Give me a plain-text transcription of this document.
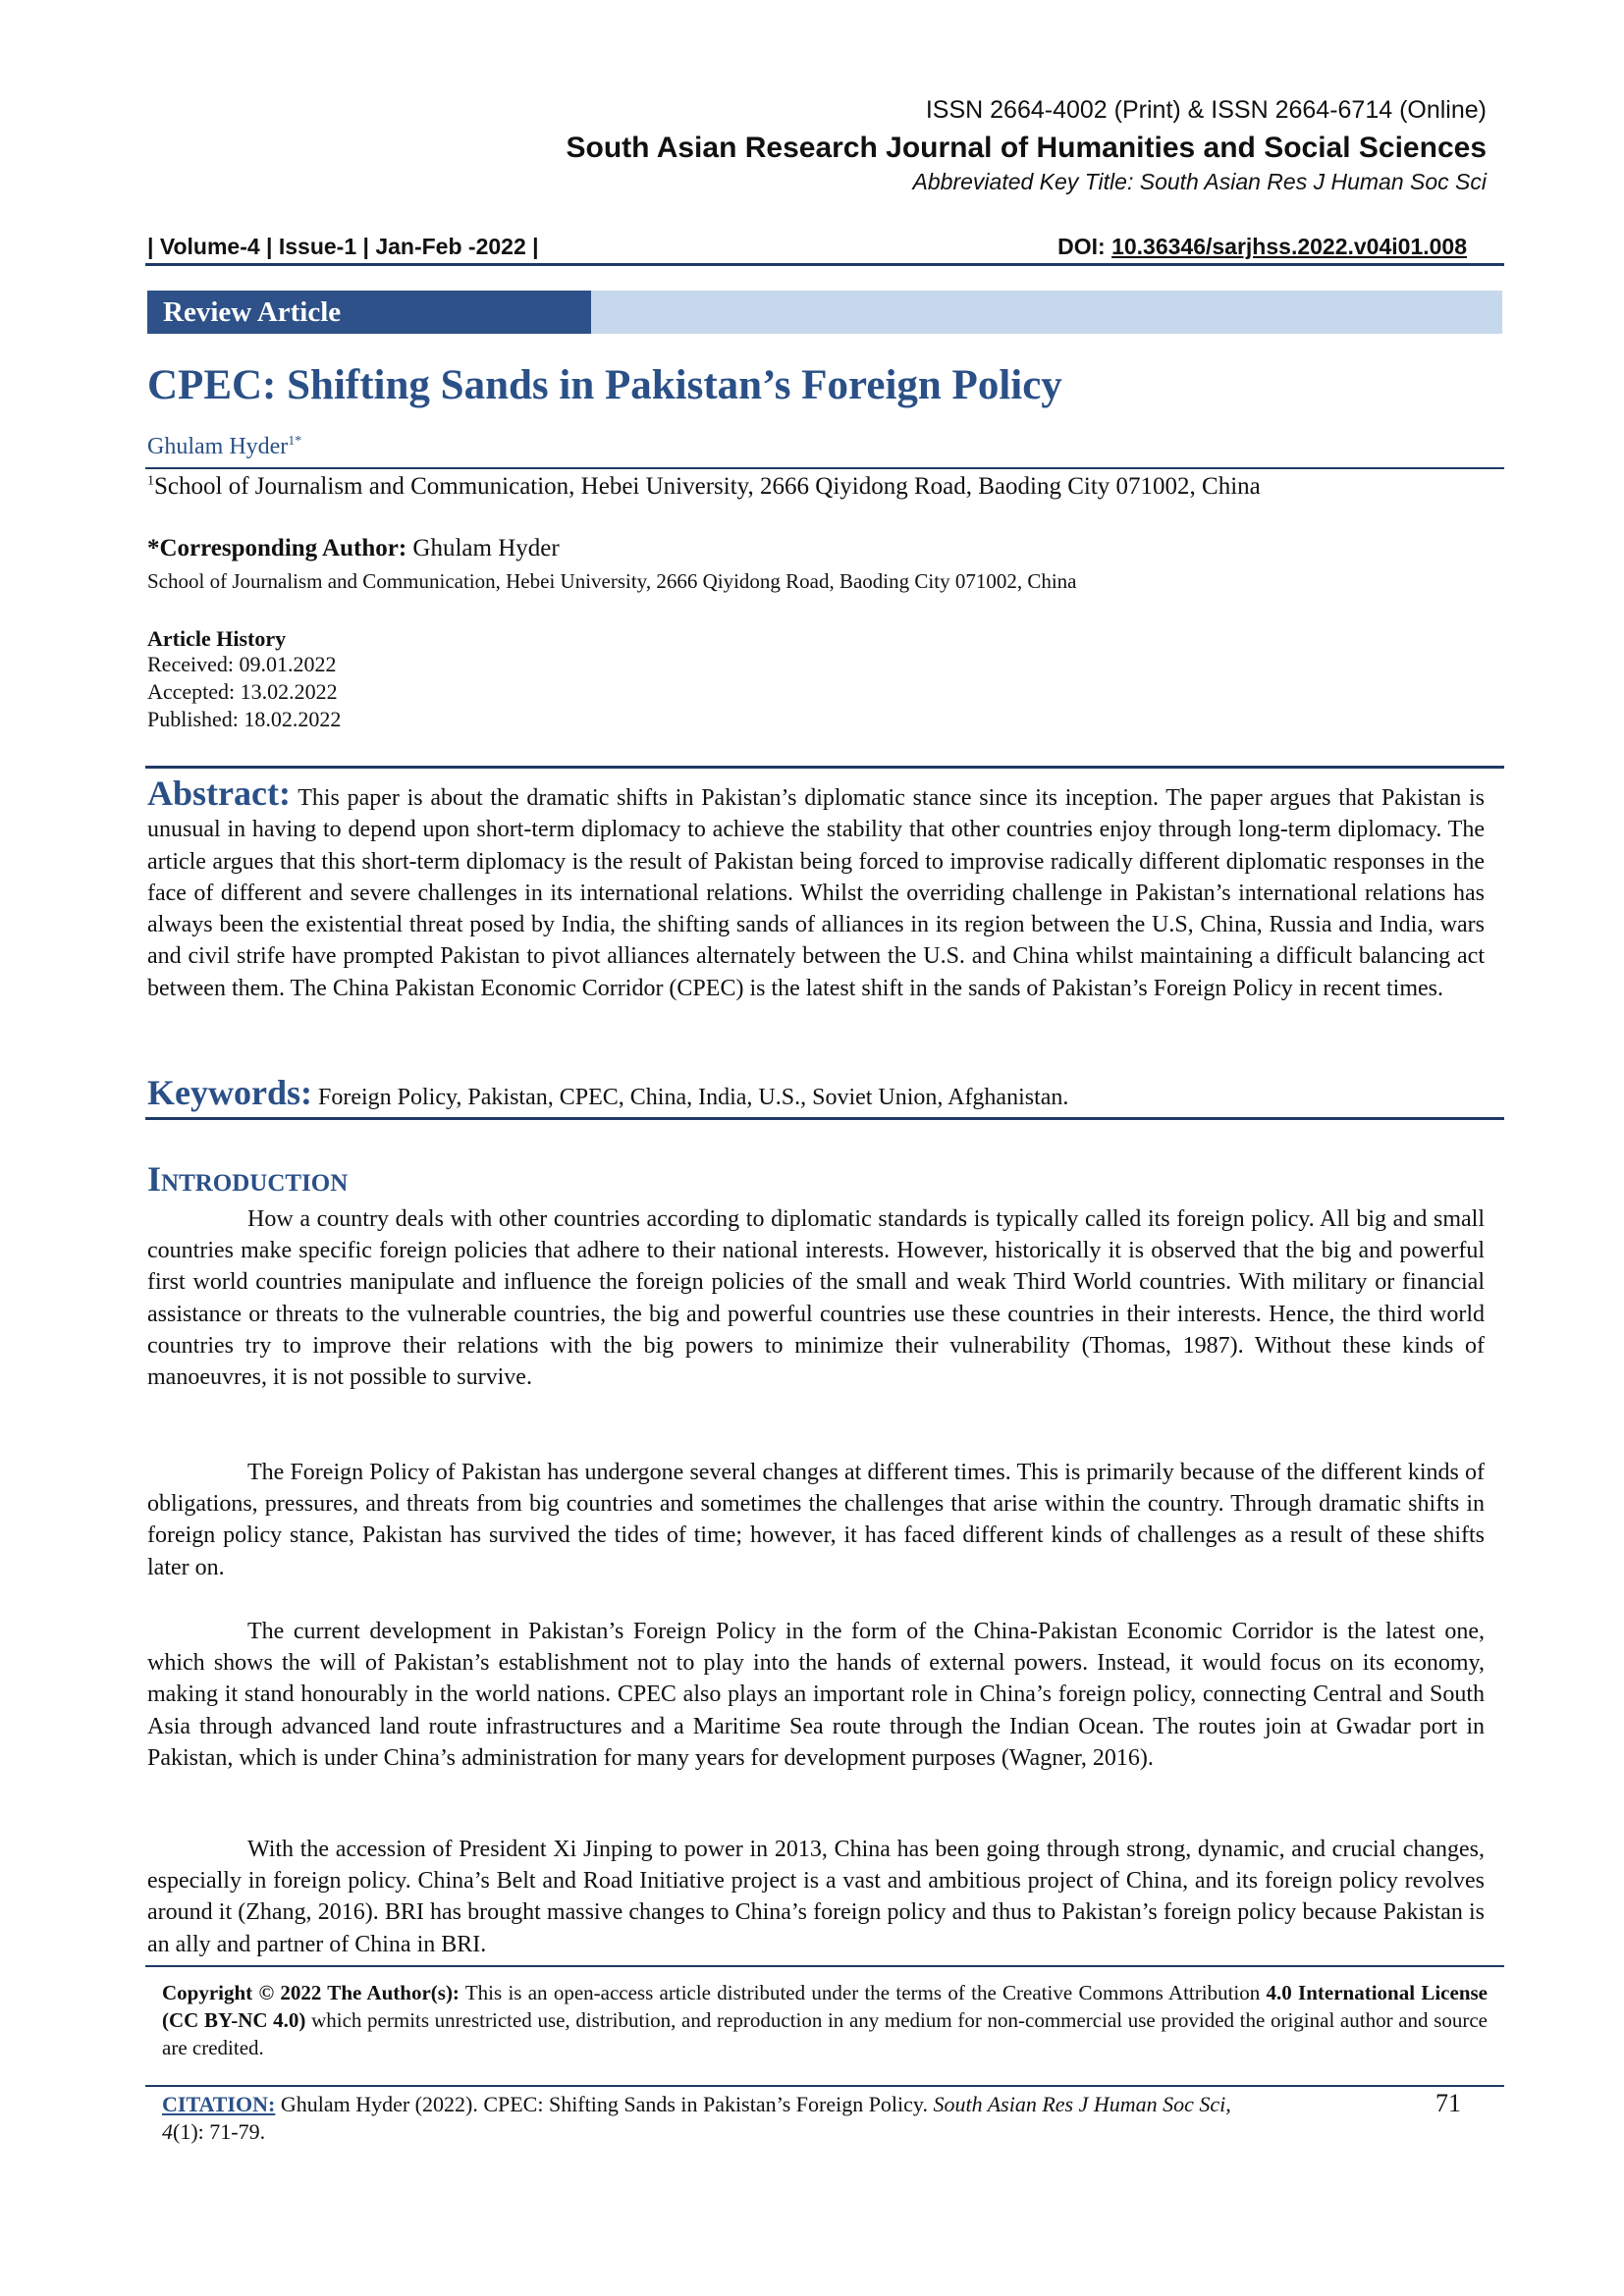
ISSN 2664-4002 (Print) & ISSN 2664-6714 (Online)
South Asian Research Journal of Humanities and Social Sciences
Abbreviated Key Title: South Asian Res J Human Soc Sci
| Volume-4 | Issue-1 | Jan-Feb -2022 |	DOI: 10.36346/sarjhss.2022.v04i01.008
Review Article
CPEC: Shifting Sands in Pakistan’s Foreign Policy
Ghulam Hyder$^{1*}$
$^1$School of Journalism and Communication, Hebei University, 2666 Qiyidong Road, Baoding City 071002, China
*Corresponding Author: Ghulam Hyder
School of Journalism and Communication, Hebei University, 2666 Qiyidong Road, Baoding City 071002, China
Article History
Received: 09.01.2022
Accepted: 13.02.2022
Published: 18.02.2022
Abstract: This paper is about the dramatic shifts in Pakistan’s diplomatic stance since its inception. The paper argues that Pakistan is unusual in having to depend upon short-term diplomacy to achieve the stability that other countries enjoy through long-term diplomacy. The article argues that this short-term diplomacy is the result of Pakistan being forced to improvise radically different diplomatic responses in the face of different and severe challenges in its international relations. Whilst the overriding challenge in Pakistan’s international relations has always been the existential threat posed by India, the shifting sands of alliances in its region between the U.S, China, Russia and India, wars and civil strife have prompted Pakistan to pivot alliances alternately between the U.S. and China whilst maintaining a difficult balancing act between them. The China Pakistan Economic Corridor (CPEC) is the latest shift in the sands of Pakistan’s Foreign Policy in recent times.
Keywords: Foreign Policy, Pakistan, CPEC, China, India, U.S., Soviet Union, Afghanistan.
Introduction
How a country deals with other countries according to diplomatic standards is typically called its foreign policy. All big and small countries make specific foreign policies that adhere to their national interests. However, historically it is observed that the big and powerful first world countries manipulate and influence the foreign policies of the small and weak Third World countries. With military or financial assistance or threats to the vulnerable countries, the big and powerful countries use these countries in their interests. Hence, the third world countries try to improve their relations with the big powers to minimize their vulnerability (Thomas, 1987). Without these kinds of manoeuvres, it is not possible to survive.
The Foreign Policy of Pakistan has undergone several changes at different times. This is primarily because of the different kinds of obligations, pressures, and threats from big countries and sometimes the challenges that arise within the country. Through dramatic shifts in foreign policy stance, Pakistan has survived the tides of time; however, it has faced different kinds of challenges as a result of these shifts later on.
The current development in Pakistan’s Foreign Policy in the form of the China-Pakistan Economic Corridor is the latest one, which shows the will of Pakistan’s establishment not to play into the hands of external powers. Instead, it would focus on its economy, making it stand honourably in the world nations. CPEC also plays an important role in China’s foreign policy, connecting Central and South Asia through advanced land route infrastructures and a Maritime Sea route through the Indian Ocean. The routes join at Gwadar port in Pakistan, which is under China’s administration for many years for development purposes (Wagner, 2016).
With the accession of President Xi Jinping to power in 2013, China has been going through strong, dynamic, and crucial changes, especially in foreign policy. China’s Belt and Road Initiative project is a vast and ambitious project of China, and its foreign policy revolves around it (Zhang, 2016). BRI has brought massive changes to China’s foreign policy and thus to Pakistan’s foreign policy because Pakistan is an ally and partner of China in BRI.
Copyright © 2022 The Author(s): This is an open-access article distributed under the terms of the Creative Commons Attribution 4.0 International License (CC BY-NC 4.0) which permits unrestricted use, distribution, and reproduction in any medium for non-commercial use provided the original author and source are credited.
CITATION: Ghulam Hyder (2022). CPEC: Shifting Sands in Pakistan’s Foreign Policy. South Asian Res J Human Soc Sci,
4(1): 71-79.
71
